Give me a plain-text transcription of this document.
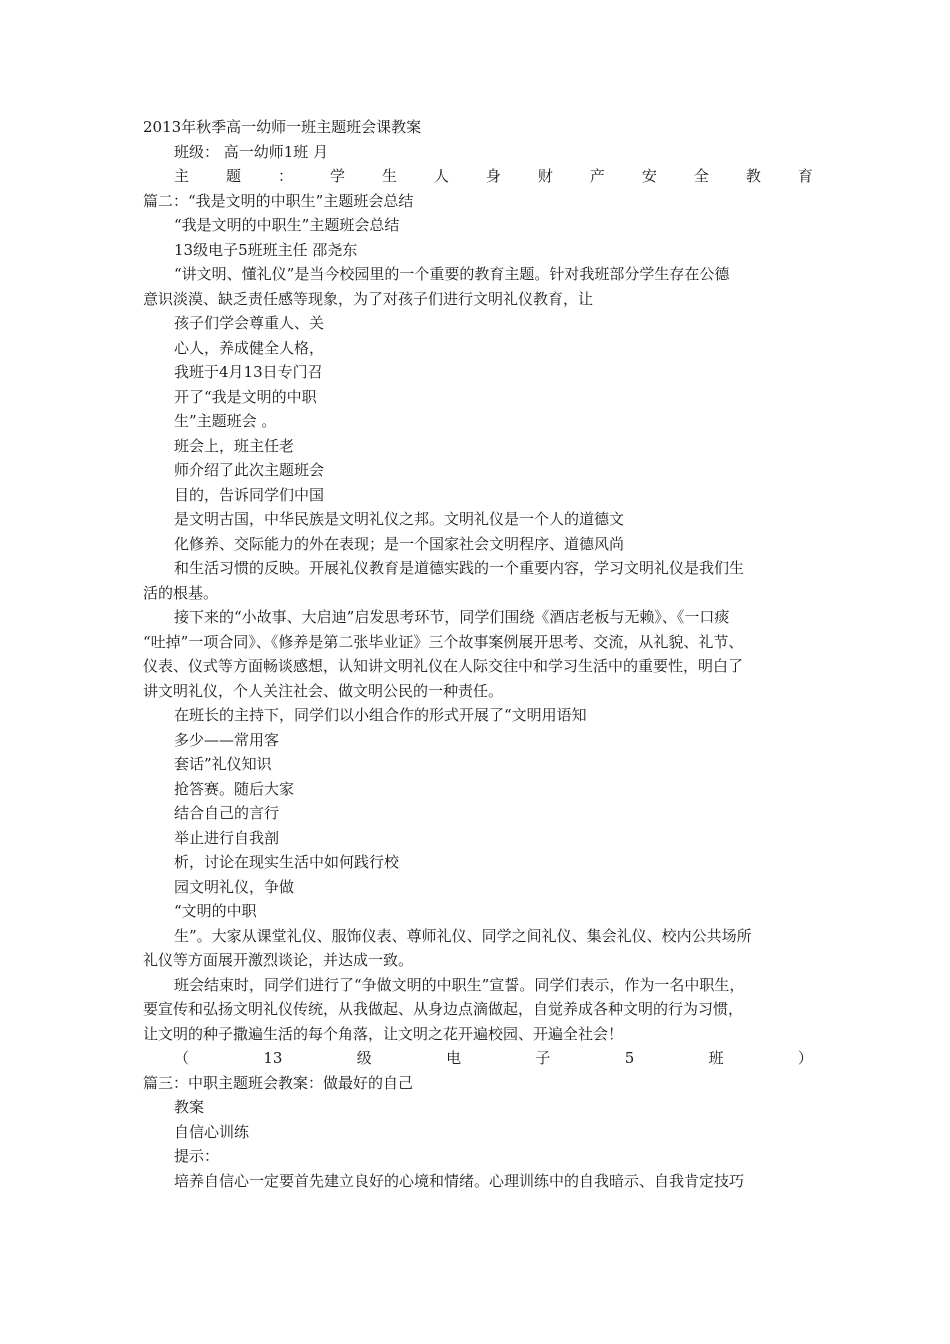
2013年秋季高一幼师一班主题班会课教案
班级： 高一幼师1班 月
主 题 ： 学 生 人 身 财 产 安 全 教 育
篇二：“我是文明的中职生”主题班会总结
“我是文明的中职生”主题班会总结
13级电子5班班主任 邵尧东
“讲文明、懂礼仪”是当今校园里的一个重要的教育主题。针对我班部分学生存在公德
意识淡漠、缺乏责任感等现象，为了对孩子们进行文明礼仪教育，让
孩子们学会尊重人、关
心人，养成健全人格，
我班于4月13日专门召
开了“我是文明的中职
生”主题班会 。
班会上，班主任老
师介绍了此次主题班会
目的，告诉同学们中国
是文明古国，中华民族是文明礼仪之邦。文明礼仪是一个人的道德文
化修养、交际能力的外在表现；是一个国家社会文明程序、道德风尚
和生活习惯的反映。开展礼仪教育是道德实践的一个重要内容，学习文明礼仪是我们生
活的根基。
接下来的“小故事、大启迪”启发思考环节，同学们围绕《酒店老板与无赖》、《一口痰
“吐掉”一项合同》、《修养是第二张毕业证》三个故事案例展开思考、交流，从礼貌、礼节、
仪表、仪式等方面畅谈感想，认知讲文明礼仪在人际交往中和学习生活中的重要性，明白了
讲文明礼仪，个人关注社会、做文明公民的一种责任。
在班长的主持下，同学们以小组合作的形式开展了“文明用语知
多少——常用客
套话”礼仪知识
抢答赛。随后大家
结合自己的言行
举止进行自我剖
析，讨论在现实生活中如何践行校
园文明礼仪，争做
“文明的中职
生”。大家从课堂礼仪、服饰仪表、尊师礼仪、同学之间礼仪、集会礼仪、校内公共场所
礼仪等方面展开激烈谈论，并达成一致。
班会结束时，同学们进行了“争做文明的中职生”宣誓。同学们表示，作为一名中职生，
要宣传和弘扬文明礼仪传统，从我做起、从身边点滴做起，自觉养成各种文明的行为习惯，
让文明的种子撒遍生活的每个角落，让文明之花开遍校园、开遍全社会！
（	13	级	电	子	5	班	）
篇三：中职主题班会教案：做最好的自己
教案
自信心训练
提示：
培养自信心一定要首先建立良好的心境和情绪。心理训练中的自我暗示、自我肯定技巧
